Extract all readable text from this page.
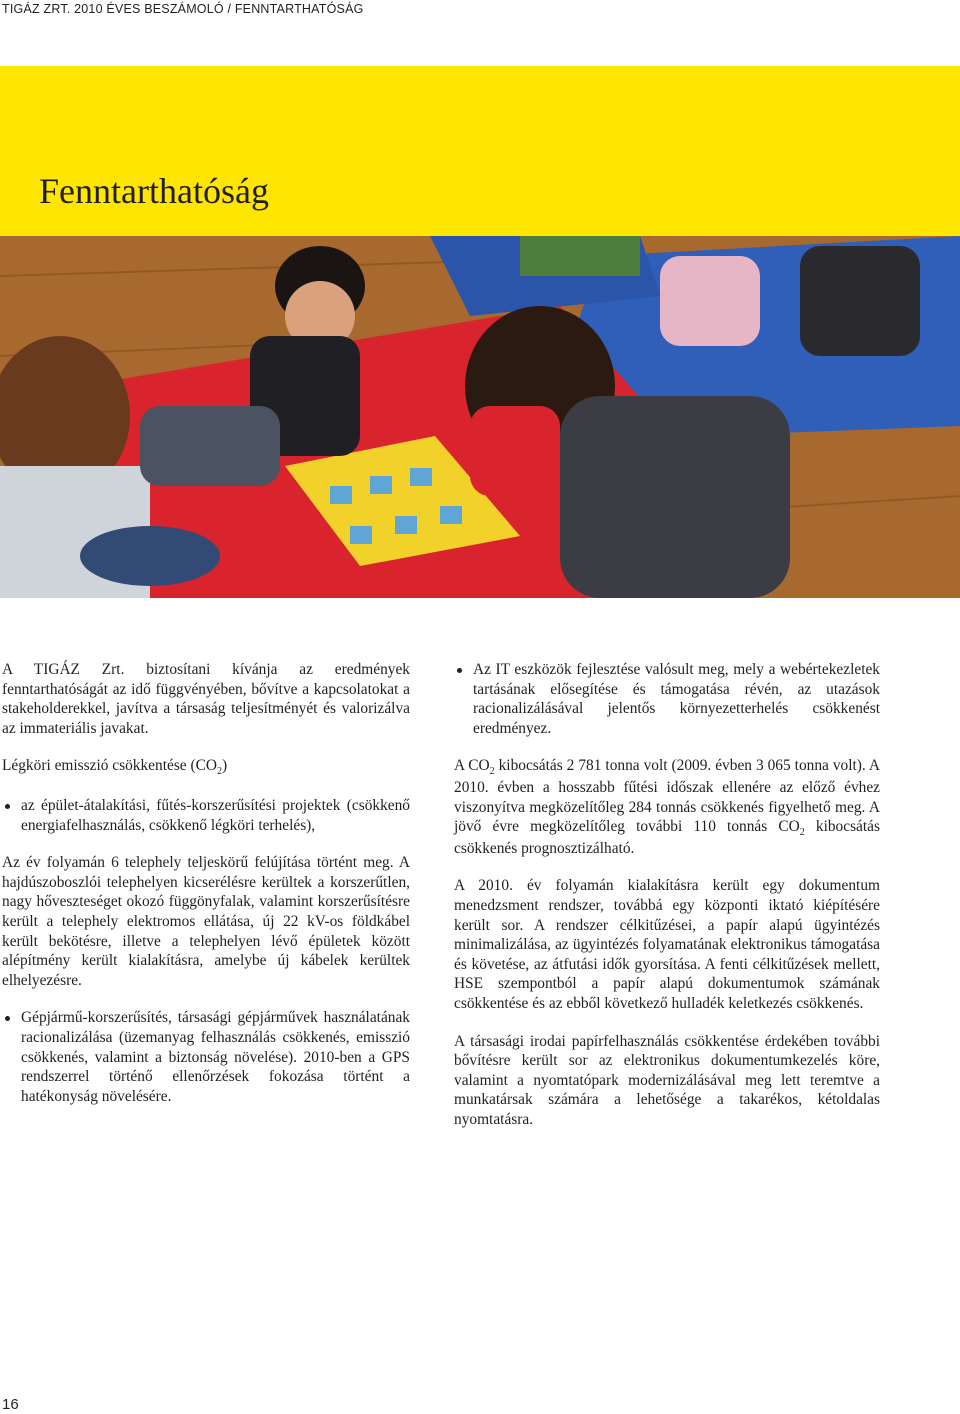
TIGÁZ ZRT. 2010 ÉVES BESZÁMOLÓ / FENNTARTHATÓSÁG
Fenntarthatóság

A TIGÁZ Zrt. biztosítani kívánja az eredmények fenntarthatóságát az idő függvényében, bővítve a kapcsolatokat a stakeholderekkel, javítva a társaság teljesítményét és valorizálva az immateriális javakat.

Légköri emisszió csökkentése $(CO_2)$

az épület-átalakítási, fűtés-korszerűsítési projektek (csökkenő energiafelhasználás, csökkenő légköri terhelés),

Az év folyamán 6 telephely teljeskörű felújítása történt meg. A hajdúszoboszlói telephelyen kicserélésre kerültek a korszerűtlen, nagy hőveszteséget okozó függönyfalak, valamint korszerűsítésre került a telephely elektromos ellátása, új 22 kV-os földkábel került bekötésre, illetve a telephelyen lévő épületek között alépítmény került kialakításra, amelybe új kábelek kerültek elhelyezésre.

Gépjármű-korszerűsítés, társasági gépjárművek használatának racionalizálása (üzemanyag felhasználás csökkenés, emisszió csökkenés, valamint a biztonság növelése). 2010-ben a GPS rendszerrel történő ellenőrzések fokozása történt a hatékonyság növelésére.

Az IT eszközök fejlesztése valósult meg, mely a webértekezletek tartásának elősegítése és támogatása révén, az utazások racionalizálásával jelentős környezetterhelés csökkenést eredményez.

A $CO_2$ kibocsátás 2 781 tonna volt (2009. évben 3 065 tonna volt). A 2010. évben a hosszabb fűtési időszak ellenére az előző évhez viszonyítva megközelítőleg 284 tonnás csökkenés figyelhető meg. A jövő évre megközelítőleg további 110 tonnás $CO_2$ kibocsátás csökkenés prognosztizálható.

A 2010. év folyamán kialakításra került egy dokumentum menedzsment rendszer, továbbá egy központi iktató kiépítésére került sor. A rendszer célkitűzései, a papír alapú ügyintézés minimalizálása, az ügyintézés folyamatának elektronikus támogatása és követése, az átfutási idők gyorsítása. A fenti célkitűzések mellett, HSE szempontból a papír alapú dokumentumok számának csökkentése és az ebből következő hulladék keletkezés csökkenés.

A társasági irodai papírfelhasználás csökkentése érdekében további bővítésre került sor az elektronikus dokumentumkezelés köre, valamint a nyomtatópark modernizálásával meg lett teremtve a munkatársak számára a lehetősége a takarékos, kétoldalas nyomtatásra.

16
